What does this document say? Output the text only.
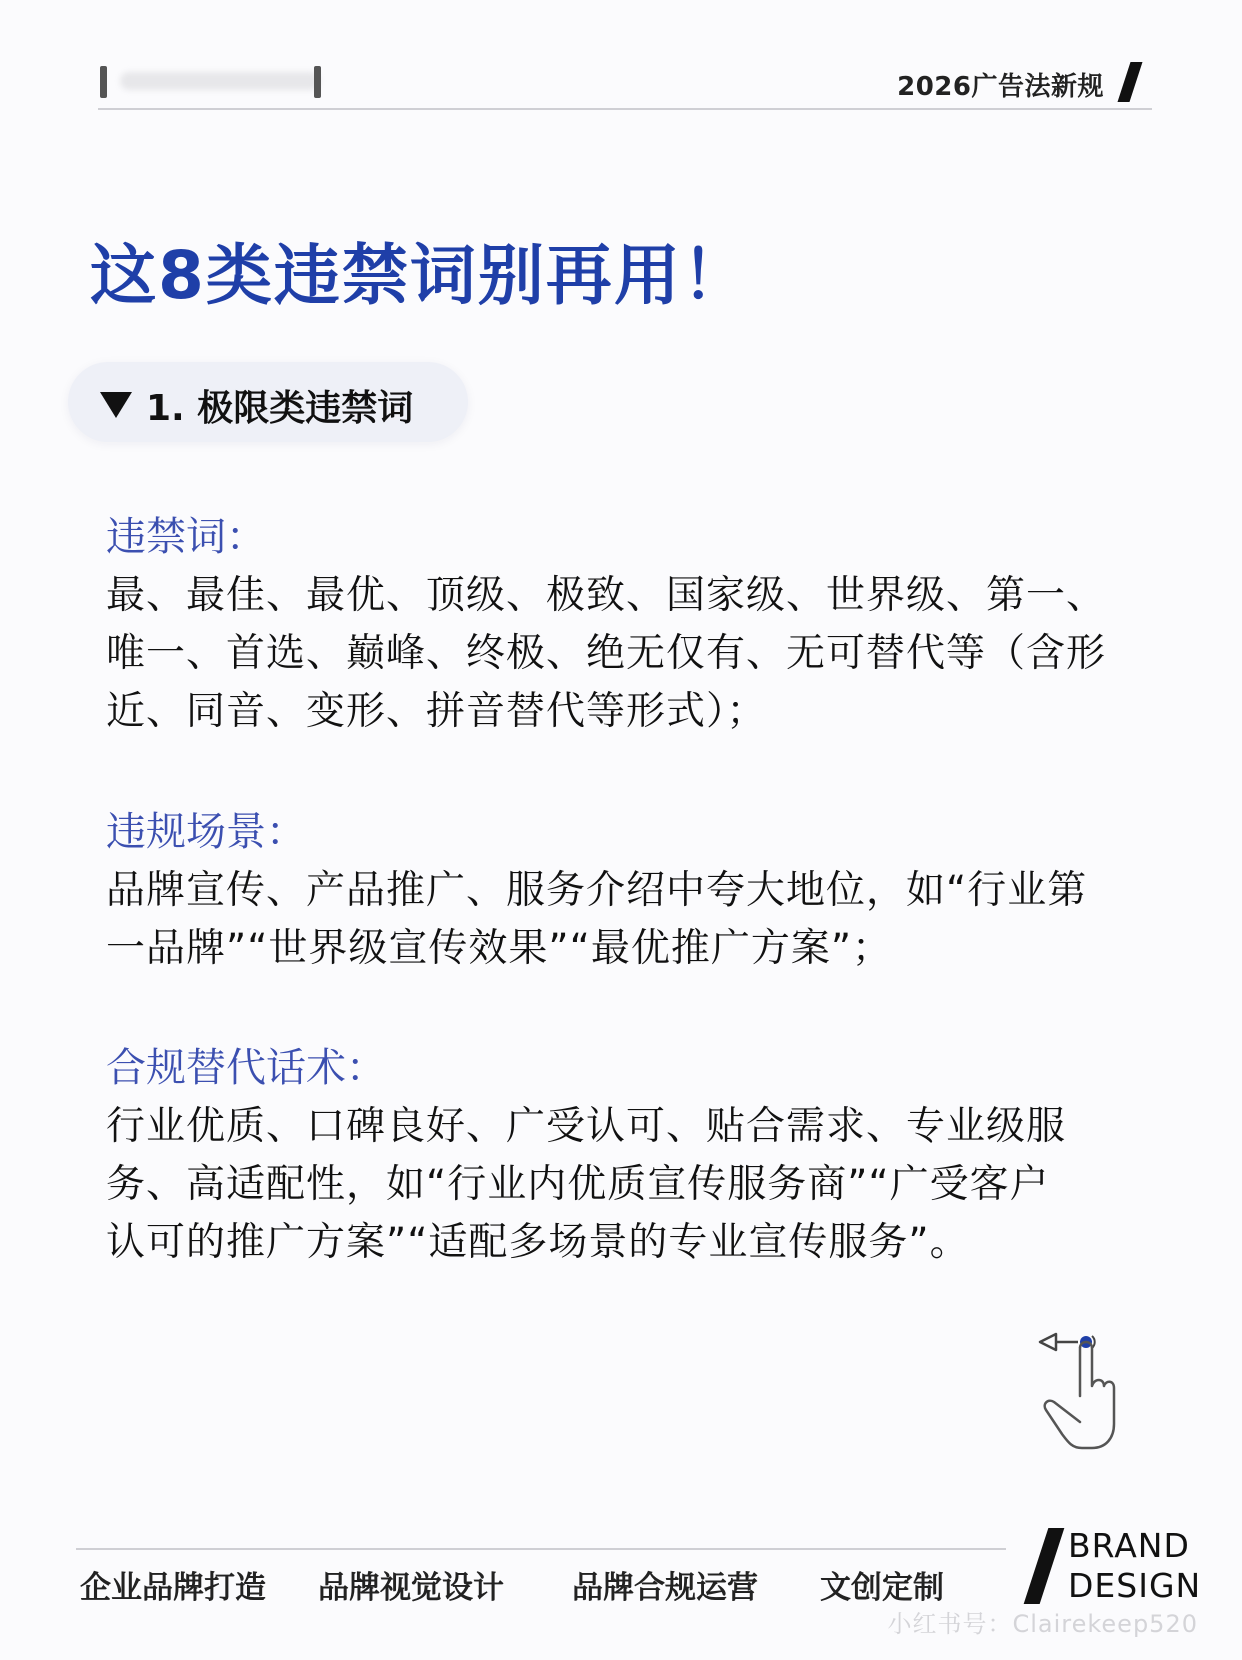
2026广告法新规
这8类违禁词别再用！
1. 极限类违禁词
违禁词：
最、最佳、最优、顶级、极致、国家级、世界级、第一、
唯一、首选、巅峰、终极、绝无仅有、无可替代等（含形
近、同音、变形、拼音替代等形式）；
违规场景：
品牌宣传、产品推广、服务介绍中夸大地位，如“行业第
一品牌”“世界级宣传效果”“最优推广方案”；
合规替代话术：
行业优质、口碑良好、广受认可、贴合需求、专业级服
务、高适配性，如“行业内优质宣传服务商”“广受客户
认可的推广方案”“适配多场景的专业宣传服务”。
企业品牌打造 品牌视觉设计 品牌合规运营 文创定制
BRAND
DESIGN
小红书号：Clairekeep520
